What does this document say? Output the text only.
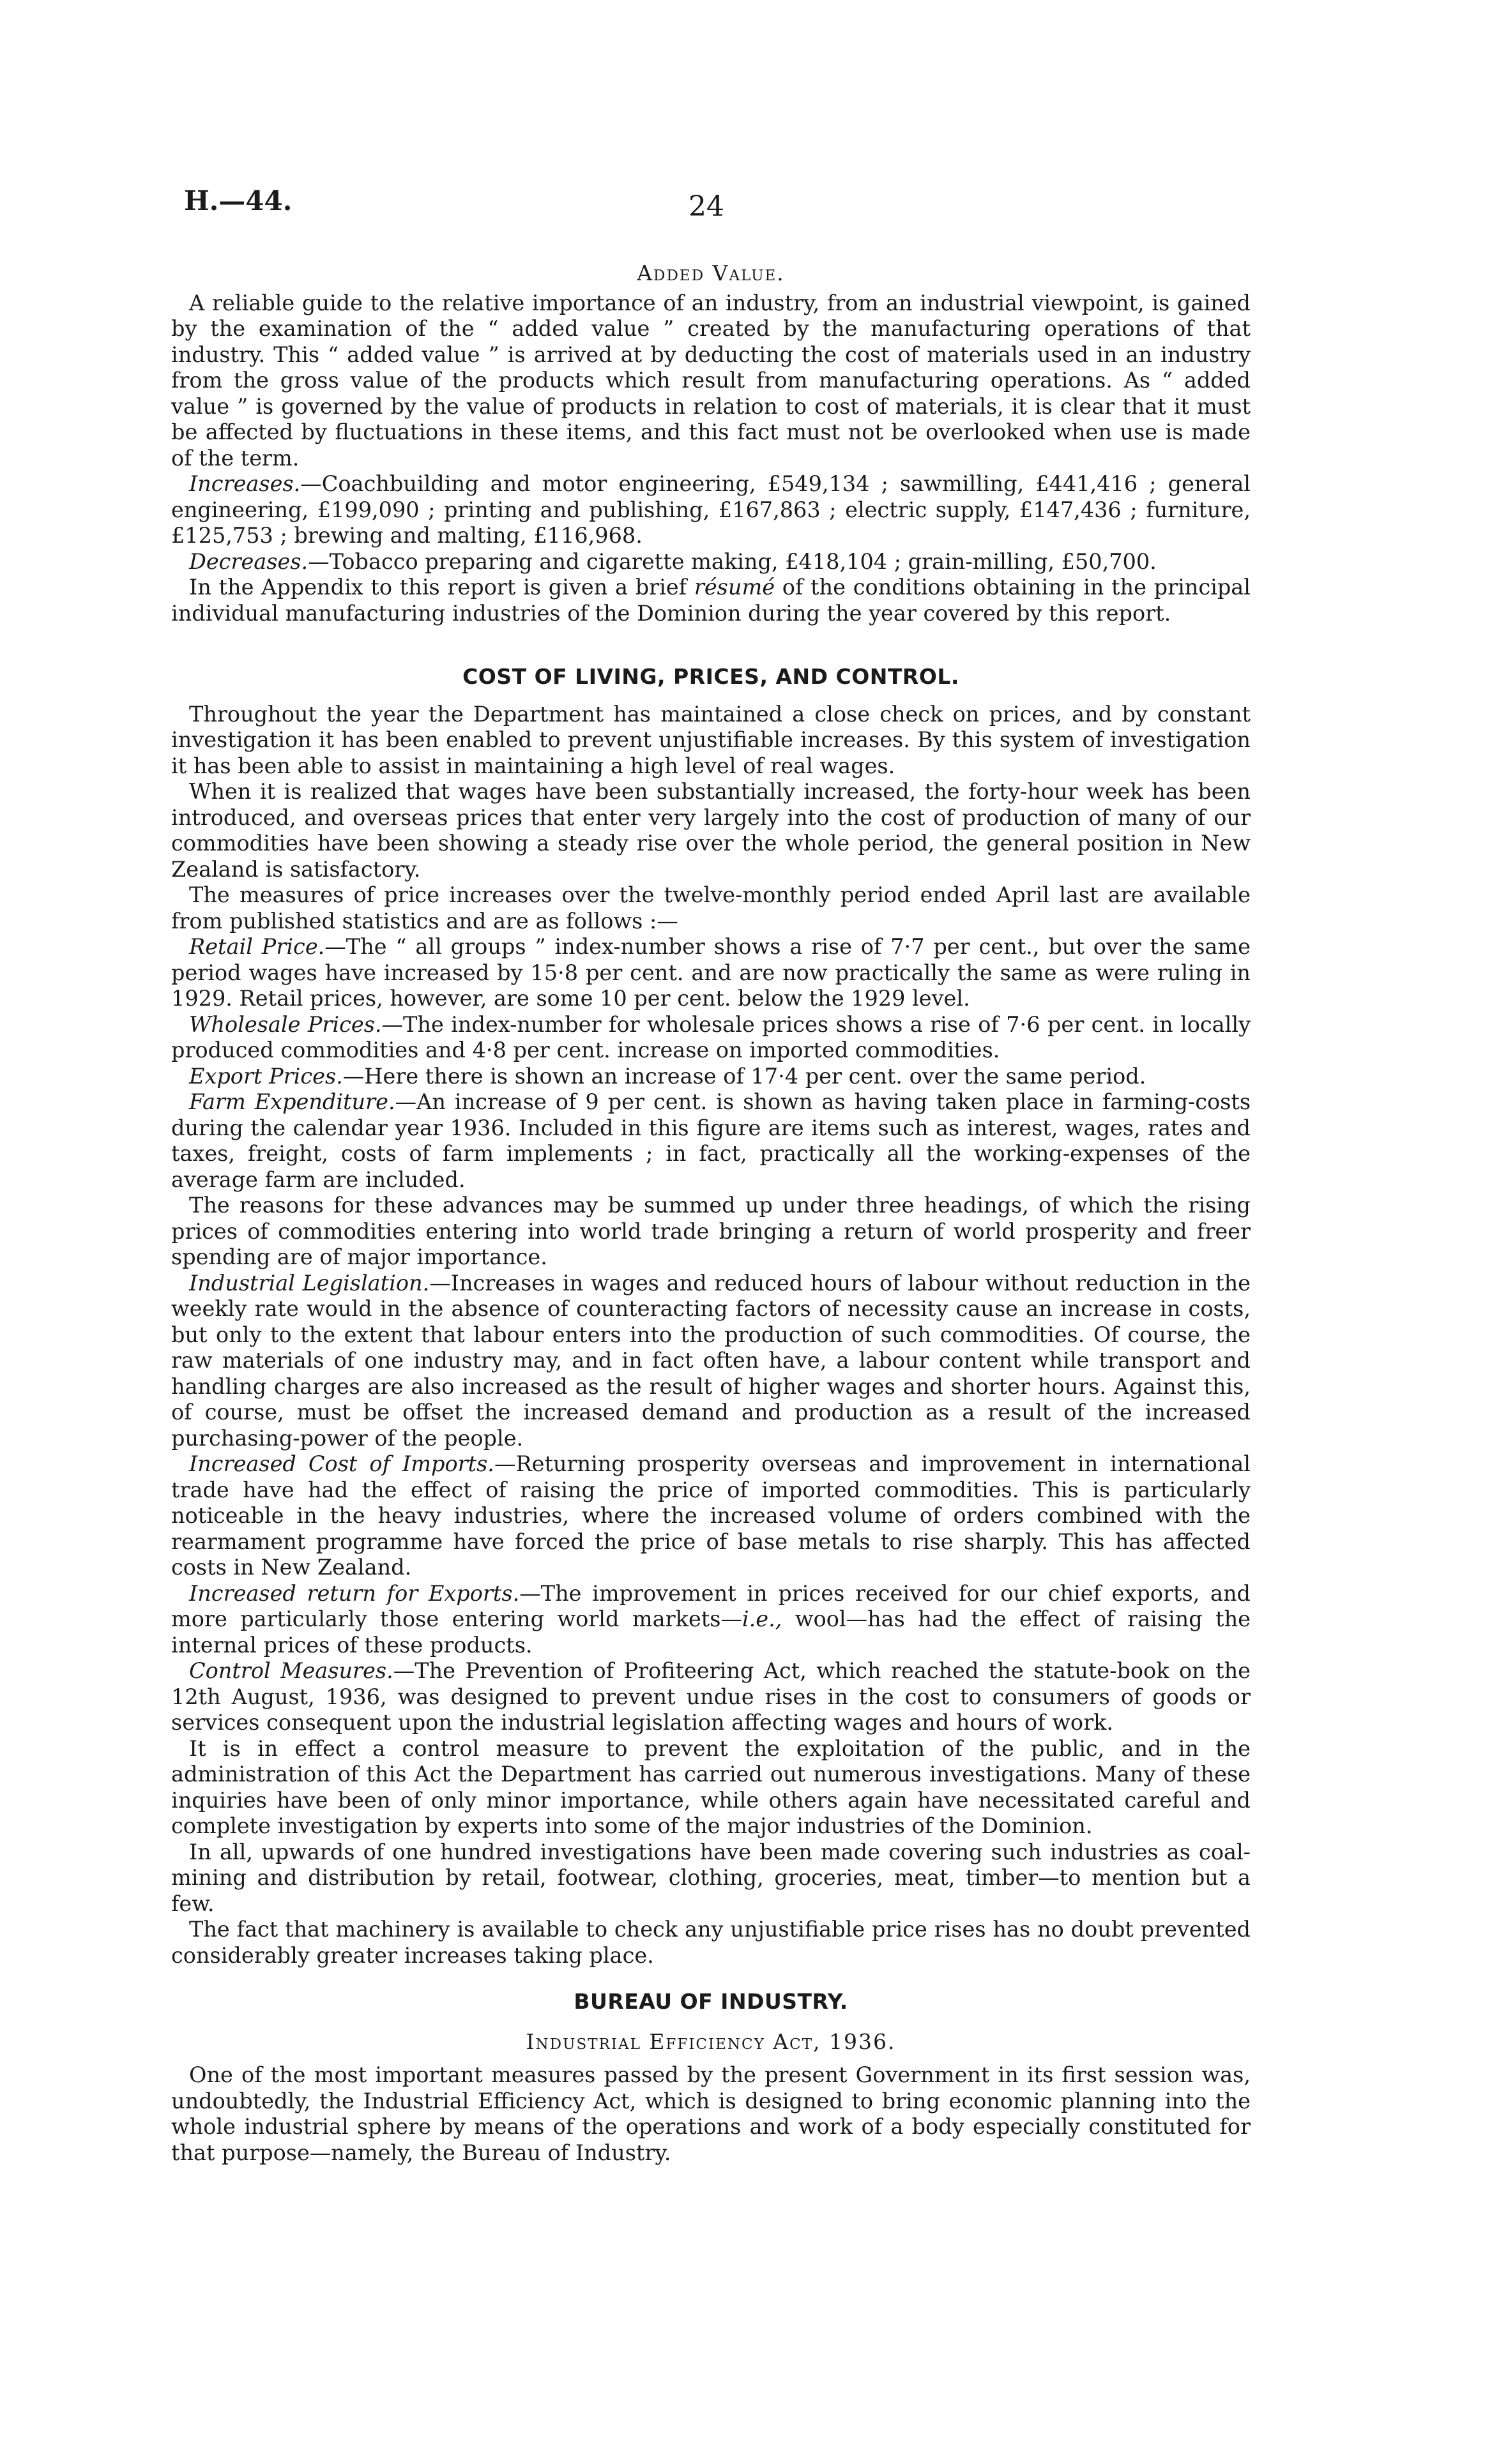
H.—44.	24
Added Value.

A reliable guide to the relative importance of an industry, from an industrial viewpoint, is gained by the examination of the “ added value ” created by the manufacturing operations of that industry. This “ added value ” is arrived at by deducting the cost of materials used in an industry from the gross value of the products which result from manufacturing operations. As “ added value ” is governed by the value of products in relation to cost of materials, it is clear that it must be affected by fluctuations in these items, and this fact must not be overlooked when use is made of the term.

Increases.—Coachbuilding and motor engineering, £549,134 ; sawmilling, £441,416 ; general engineering, £199,090 ; printing and publishing, £167,863 ; electric supply, £147,436 ; furniture, £125,753 ; brewing and malting, £116,968.

Decreases.—Tobacco preparing and cigarette making, £418,104 ; grain-milling, £50,700.

In the Appendix to this report is given a brief résumé of the conditions obtaining in the principal individual manufacturing industries of the Dominion during the year covered by this report.

COST OF LIVING, PRICES, AND CONTROL.

Throughout the year the Department has maintained a close check on prices, and by constant investigation it has been enabled to prevent unjustifiable increases. By this system of investigation it has been able to assist in maintaining a high level of real wages.

When it is realized that wages have been substantially increased, the forty-hour week has been introduced, and overseas prices that enter very largely into the cost of production of many of our commodities have been showing a steady rise over the whole period, the general position in New Zealand is satisfactory.

The measures of price increases over the twelve-monthly period ended April last are available from published statistics and are as follows :—

Retail Price.—The “ all groups ” index-number shows a rise of 7·7 per cent., but over the same period wages have increased by 15·8 per cent. and are now practically the same as were ruling in 1929. Retail prices, however, are some 10 per cent. below the 1929 level.

Wholesale Prices.—The index-number for wholesale prices shows a rise of 7·6 per cent. in locally produced commodities and 4·8 per cent. increase on imported commodities.

Export Prices.—Here there is shown an increase of 17·4 per cent. over the same period.

Farm Expenditure.—An increase of 9 per cent. is shown as having taken place in farming-costs during the calendar year 1936. Included in this figure are items such as interest, wages, rates and taxes, freight, costs of farm implements ; in fact, practically all the working-expenses of the average farm are included.

The reasons for these advances may be summed up under three headings, of which the rising prices of commodities entering into world trade bringing a return of world prosperity and freer spending are of major importance.

Industrial Legislation.—Increases in wages and reduced hours of labour without reduction in the weekly rate would in the absence of counteracting factors of necessity cause an increase in costs, but only to the extent that labour enters into the production of such commodities. Of course, the raw materials of one industry may, and in fact often have, a labour content while transport and handling charges are also increased as the result of higher wages and shorter hours. Against this, of course, must be offset the increased demand and production as a result of the increased purchasing-power of the people.

Increased Cost of Imports.—Returning prosperity overseas and improvement in international trade have had the effect of raising the price of imported commodities. This is particularly noticeable in the heavy industries, where the increased volume of orders combined with the rearmament programme have forced the price of base metals to rise sharply. This has affected costs in New Zealand.

Increased return for Exports.—The improvement in prices received for our chief exports, and more particularly those entering world markets—i.e., wool—has had the effect of raising the internal prices of these products.

Control Measures.—The Prevention of Profiteering Act, which reached the statute-book on the 12th August, 1936, was designed to prevent undue rises in the cost to consumers of goods or services consequent upon the industrial legislation affecting wages and hours of work.

It is in effect a control measure to prevent the exploitation of the public, and in the administration of this Act the Department has carried out numerous investigations. Many of these inquiries have been of only minor importance, while others again have necessitated careful and complete investigation by experts into some of the major industries of the Dominion.

In all, upwards of one hundred investigations have been made covering such industries as coal-mining and distribution by retail, footwear, clothing, groceries, meat, timber—to mention but a few.

The fact that machinery is available to check any unjustifiable price rises has no doubt prevented considerably greater increases taking place.

BUREAU OF INDUSTRY.
Industrial Efficiency Act, 1936.

One of the most important measures passed by the present Government in its first session was, undoubtedly, the Industrial Efficiency Act, which is designed to bring economic planning into the whole industrial sphere by means of the operations and work of a body especially constituted for that purpose—namely, the Bureau of Industry.
